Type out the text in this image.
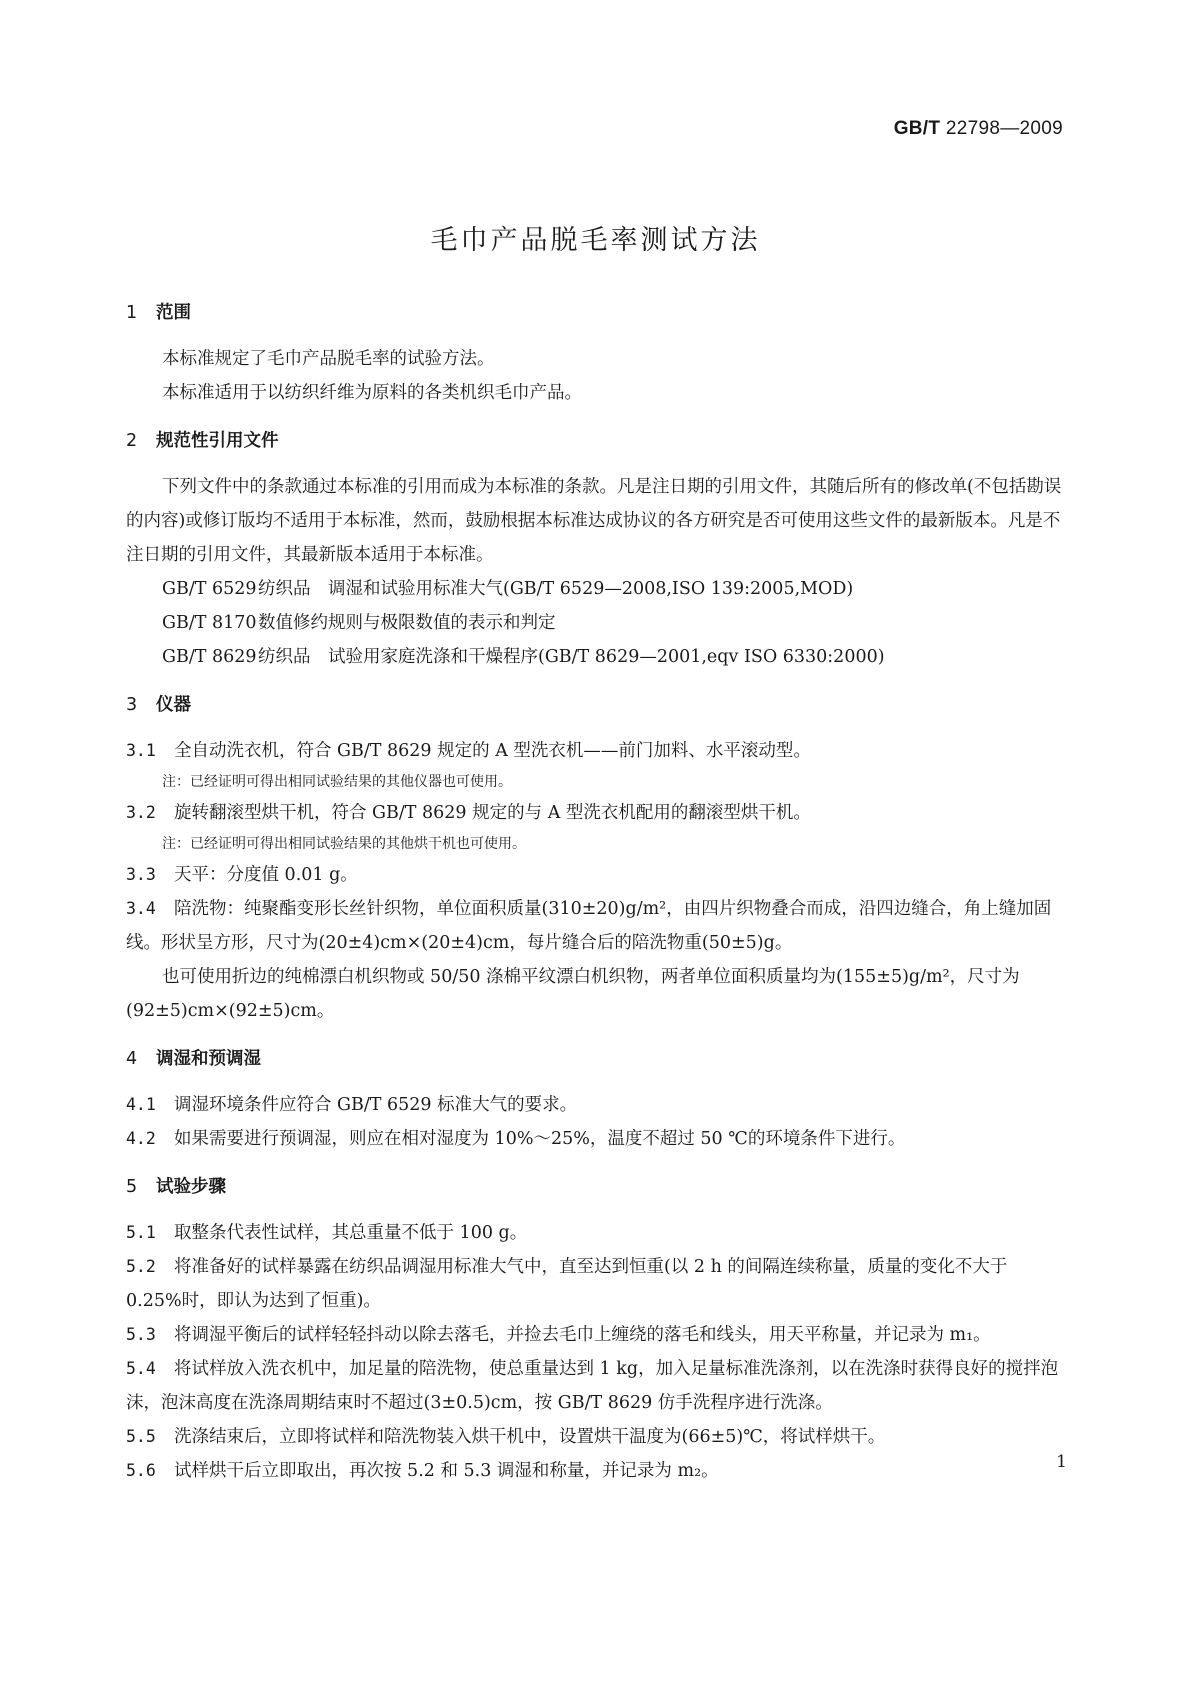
GB/T 22798—2009
毛巾产品脱毛率测试方法
1 范围

本标准规定了毛巾产品脱毛率的试验方法。

本标准适用于以纺织纤维为原料的各类机织毛巾产品。

2 规范性引用文件

下列文件中的条款通过本标准的引用而成为本标准的条款。凡是注日期的引用文件，其随后所有的修改单(不包括勘误的内容)或修订版均不适用于本标准，然而，鼓励根据本标准达成协议的各方研究是否可使用这些文件的最新版本。凡是不注日期的引用文件，其最新版本适用于本标准。

GB/T 6529纺织品　调湿和试验用标准大气(GB/T 6529—2008,ISO 139:2005,MOD)
GB/T 8170数值修约规则与极限数值的表示和判定
GB/T 8629纺织品　试验用家庭洗涤和干燥程序(GB/T 8629—2001,eqv ISO 6330:2000)
3 仪器

3.1 全自动洗衣机，符合 GB/T 8629 规定的 A 型洗衣机——前门加料、水平滚动型。

注：已经证明可得出相同试验结果的其他仪器也可使用。

3.2 旋转翻滚型烘干机，符合 GB/T 8629 规定的与 A 型洗衣机配用的翻滚型烘干机。

注：已经证明可得出相同试验结果的其他烘干机也可使用。

3.3 天平：分度值 0.01 g。

3.4 陪洗物：纯聚酯变形长丝针织物，单位面积质量(310±20)g/m²，由四片织物叠合而成，沿四边缝合，角上缝加固线。形状呈方形，尺寸为(20±4)cm×(20±4)cm，每片缝合后的陪洗物重(50±5)g。

也可使用折边的纯棉漂白机织物或 50/50 涤棉平纹漂白机织物，两者单位面积质量均为(155±5)g/m²，尺寸为(92±5)cm×(92±5)cm。

4 调湿和预调湿

4.1 调湿环境条件应符合 GB/T 6529 标准大气的要求。

4.2 如果需要进行预调湿，则应在相对湿度为 10%～25%，温度不超过 50 ℃的环境条件下进行。

5 试验步骤

5.1 取整条代表性试样，其总重量不低于 100 g。

5.2 将准备好的试样暴露在纺织品调湿用标准大气中，直至达到恒重(以 2 h 的间隔连续称量，质量的变化不大于 0.25%时，即认为达到了恒重)。

5.3 将调湿平衡后的试样轻轻抖动以除去落毛，并捡去毛巾上缠绕的落毛和线头，用天平称量，并记录为 m₁。

5.4 将试样放入洗衣机中，加足量的陪洗物，使总重量达到 1 kg，加入足量标准洗涤剂，以在洗涤时获得良好的搅拌泡沫，泡沫高度在洗涤周期结束时不超过(3±0.5)cm，按 GB/T 8629 仿手洗程序进行洗涤。

5.5 洗涤结束后，立即将试样和陪洗物装入烘干机中，设置烘干温度为(66±5)℃，将试样烘干。

5.6 试样烘干后立即取出，再次按 5.2 和 5.3 调湿和称量，并记录为 m₂。	1
